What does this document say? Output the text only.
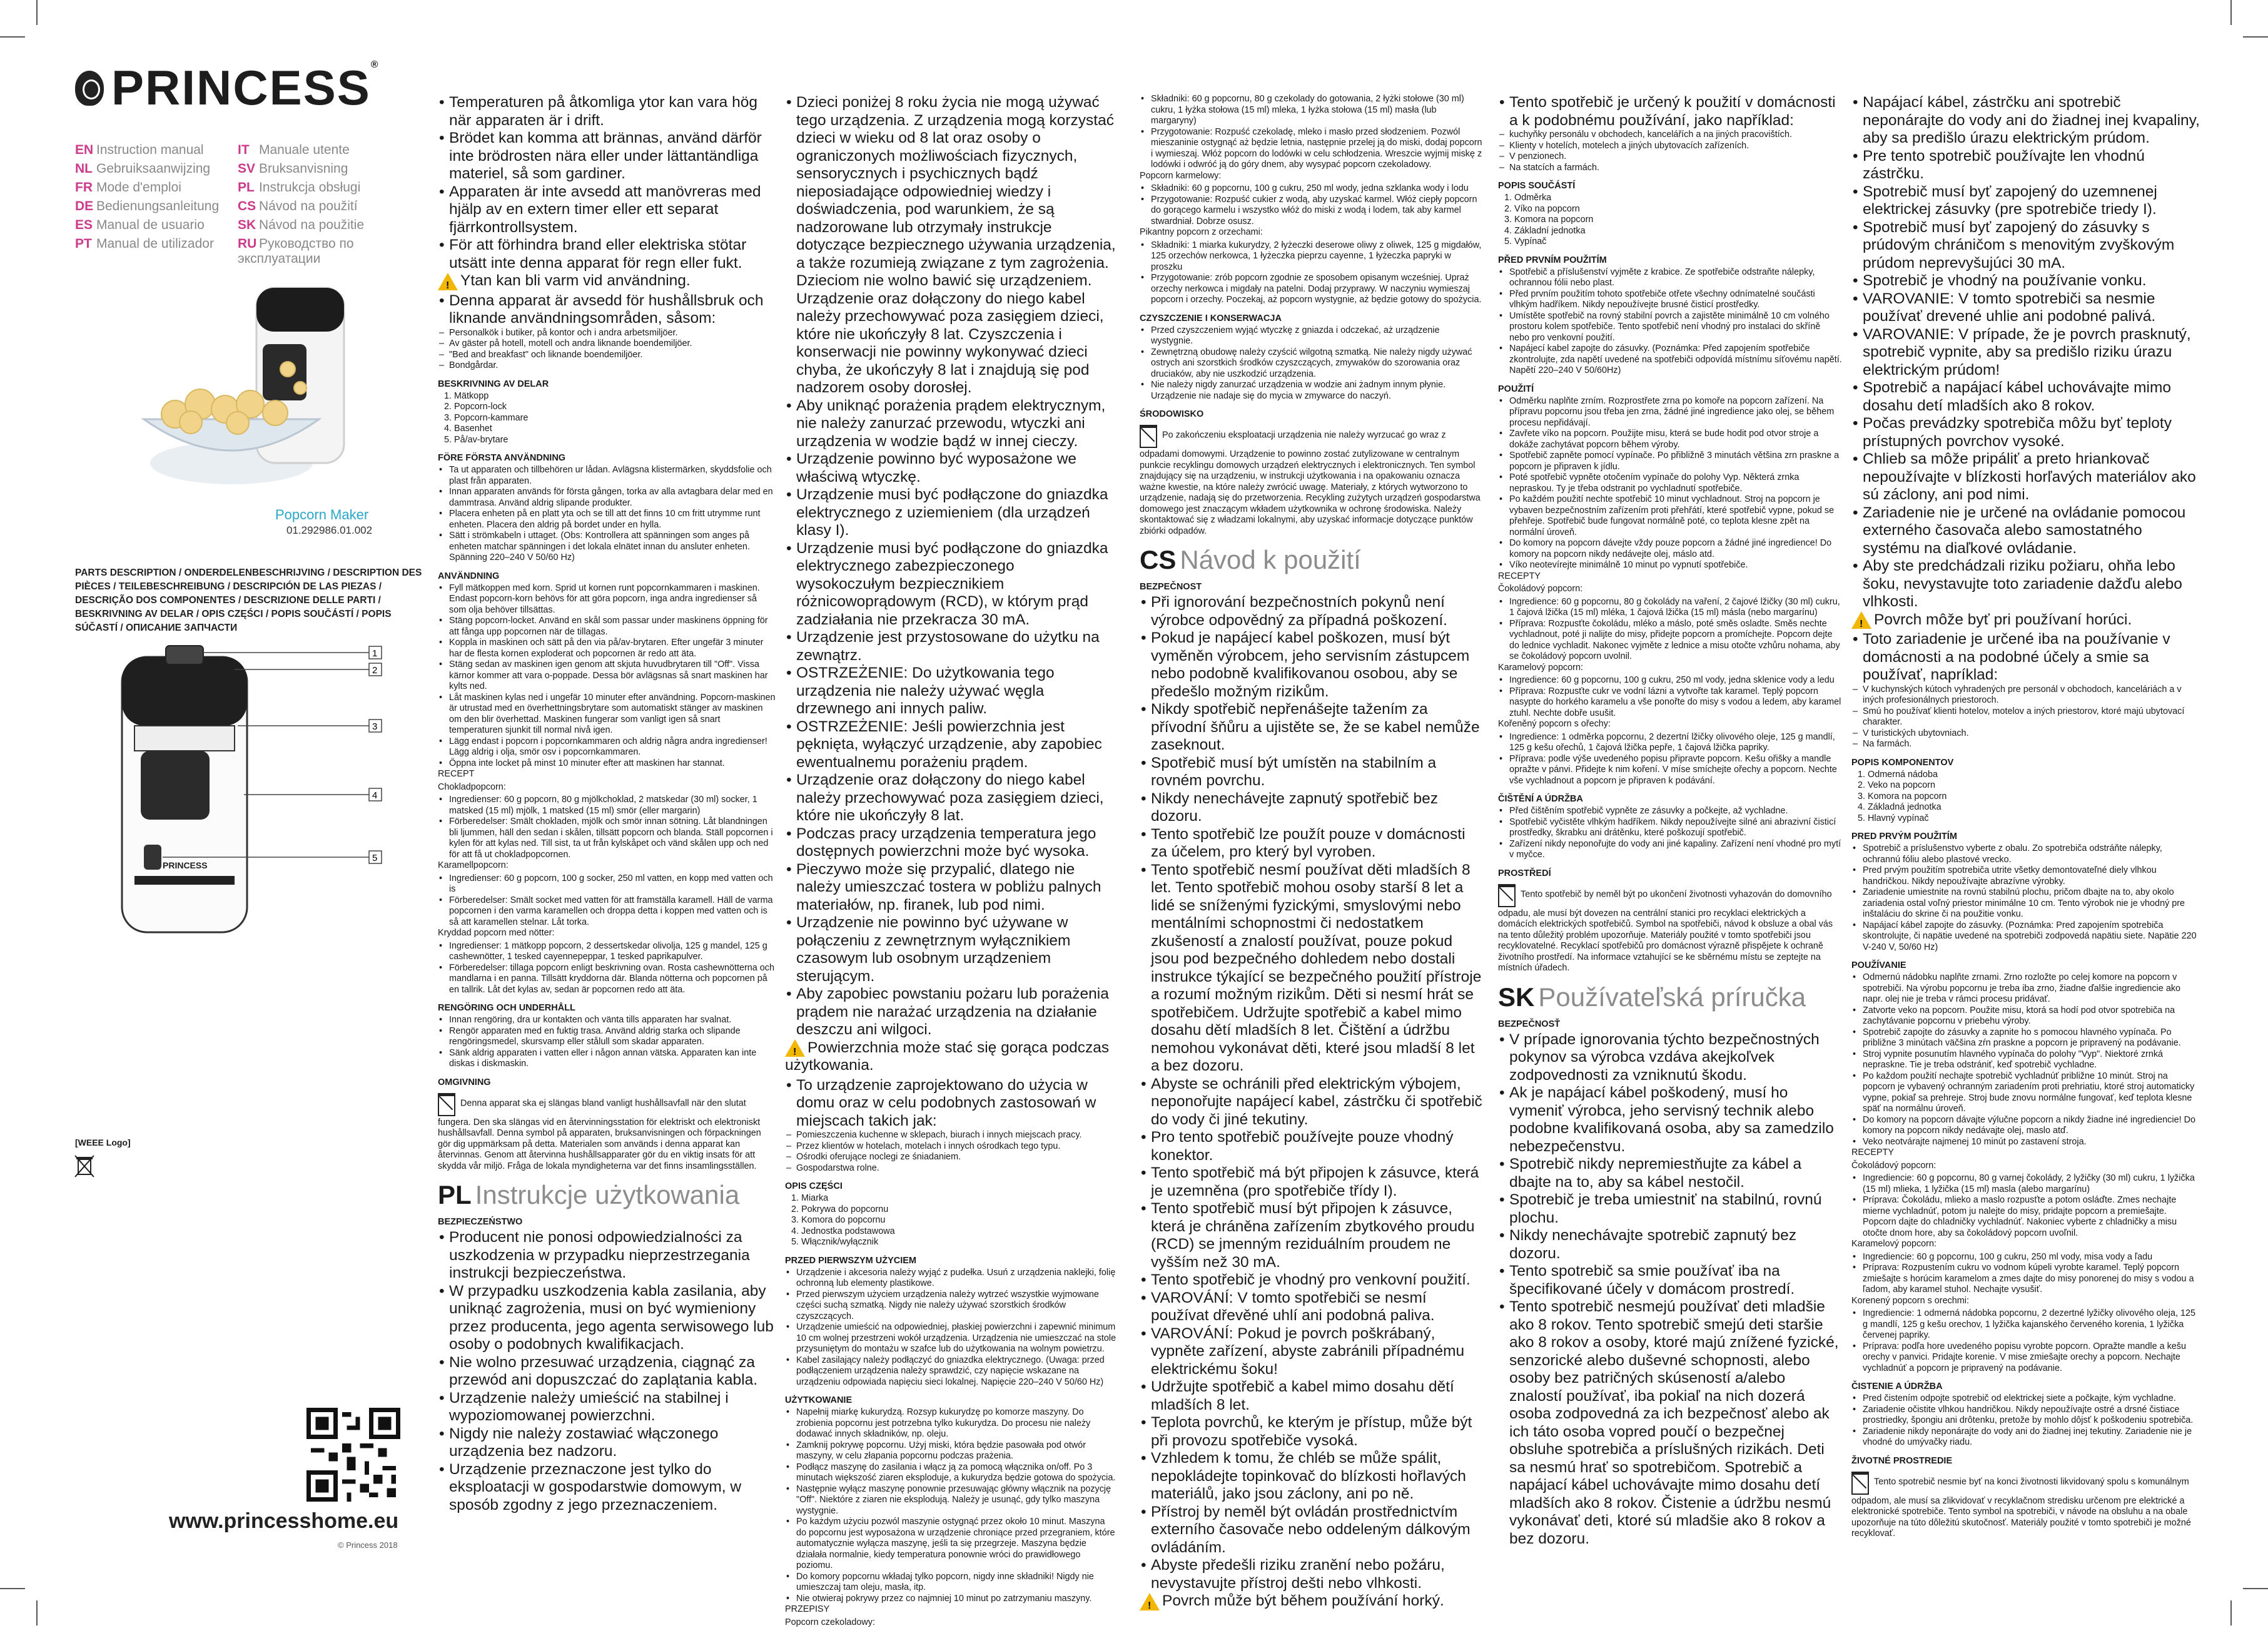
PRINCESS®
EN Instruction manual	IT Manuale utente
NL Gebruiksaanwijzing	SV Bruksanvisning
FR Mode d'emploi	PL Instrukcja obsługi
DE Bedienungsanleitung	CS Návod na použití
ES Manual de usuario	SK Návod na použitie
PT Manual de utilizador	RU Руководство по эксплуатации
Popcorn Maker
01.292986.01.002
PARTS DESCRIPTION / ONDERDELENBESCHRIJVING / DESCRIPTION DES PIÈCES / TEILEBESCHREIBUNG / DESCRIPCIÓN DE LAS PIEZAS / DESCRIÇÃO DOS COMPONENTES / DESCRIZIONE DELLE PARTI / BESKRIVNING AV DELAR / OPIS CZĘŚCI / POPIS SOUČÁSTÍ / POPIS SÚČASTÍ / ОПИСАНИЕ ЗАПЧАСТИ
PRINCESS
1
2
3
4
5
[WEEE Logo]
www.princesshome.eu
© Princess 2018
• Temperaturen på åtkomliga ytor kan vara hög när apparaten är i drift.
• Brödet kan komma att brännas, använd därför inte brödrosten nära eller under lättantändliga materiel, så som gardiner.
• Apparaten är inte avsedd att manövreras med hjälp av en extern timer eller ett separat fjärrkontrollsystem.
• För att förhindra brand eller elektriska stötar utsätt inte denna apparat för regn eller fukt.

!Ytan kan bli varm vid användning.

• Denna apparat är avsedd för hushållsbruk och liknande användningsområden, såsom:
– Personalkök i butiker, på kontor och i andra arbetsmiljöer.
– Av gäster på hotell, motell och andra liknande boendemiljöer.
– "Bed and breakfast" och liknande boendemiljöer.
– Bondgårdar.
BESKRIVNING AV DELAR
1. Mätkopp
2. Popcorn-lock
3. Popcorn-kammare
4. Basenhet
5. På/av-brytare
FÖRE FÖRSTA ANVÄNDNING
• Ta ut apparaten och tillbehören ur lådan. Avlägsna klistermärken, skyddsfolie och plast från apparaten.
• Innan apparaten används för första gången, torka av alla avtagbara delar med en dammtrasa. Använd aldrig slipande produkter.
• Placera enheten på en platt yta och se till att det finns 10 cm fritt utrymme runt enheten. Placera den aldrig på bordet under en hylla.
• Sätt i strömkabeln i uttaget. (Obs: Kontrollera att spänningen som anges på enheten matchar spänningen i det lokala elnätet innan du ansluter enheten. Spänning 220–240 V 50/60 Hz)
ANVÄNDNING
• Fyll mätkoppen med korn. Sprid ut kornen runt popcornkammaren i maskinen. Endast popcorn-korn behövs för att göra popcorn, inga andra ingredienser så som olja behöver tillsättas.
• Stäng popcorn-locket. Använd en skål som passar under maskinens öppning för att fånga upp popcornen när de tillagas.
• Koppla in maskinen och sätt på den via på/av-brytaren. Efter ungefär 3 minuter har de flesta kornen exploderat och popcornen är redo att äta.
• Stäng sedan av maskinen igen genom att skjuta huvudbrytaren till "Off". Vissa kärnor kommer att vara o-poppade. Dessa bör avlägsnas så snart maskinen har kylts ned.
• Låt maskinen kylas ned i ungefär 10 minuter efter användning. Popcorn-maskinen är utrustad med en överhettningsbrytare som automatiskt stänger av maskinen om den blir överhettad. Maskinen fungerar som vanligt igen så snart temperaturen sjunkit till normal nivå igen.
• Lägg endast i popcorn i popcornkammaren och aldrig några andra ingredienser! Lägg aldrig i olja, smör osv i popcornkammaren.
• Öppna inte locket på minst 10 minuter efter att maskinen har stannat.

RECEPT

Chokladpopcorn:

• Ingredienser: 60 g popcorn, 80 g mjölkchoklad, 2 matskedar (30 ml) socker, 1 matsked (15 ml) mjölk, 1 matsked (15 ml) smör (eller margarin)
• Förberedelser: Smält chokladen, mjölk och smör innan sötning. Låt blandningen bli ljummen, häll den sedan i skålen, tillsätt popcorn och blanda. Ställ popcornen i kylen för att kylas ned. Till sist, ta ut från kylskåpet och vänd skålen upp och ned för att få ut chokladpopcornen.

Karamellpopcorn:

• Ingredienser: 60 g popcorn, 100 g socker, 250 ml vatten, en kopp med vatten och is
• Förberedelser: Smält socket med vatten för att framställa karamell. Häll de varma popcornen i den varma karamellen och droppa detta i koppen med vatten och is så att karamellen stelnar. Låt torka.

Kryddad popcorn med nötter:

• Ingredienser: 1 mätkopp popcorn, 2 dessertskedar olivolja, 125 g mandel, 125 g cashewnötter, 1 tesked cayennepeppar, 1 tesked paprikapulver.
• Förberedelser: tillaga popcorn enligt beskrivning ovan. Rosta cashewnötterna och mandlarna i en panna. Tillsätt kryddorna där. Blanda nötterna och popcornen på en tallrik. Låt det kylas av, sedan är popcornen redo att äta.
RENGÖRING OCH UNDERHÅLL
• Innan rengöring, dra ur kontakten och vänta tills apparaten har svalnat.
• Rengör apparaten med en fuktig trasa. Använd aldrig starka och slipande rengöringsmedel, skursvamp eller stålull som skadar apparaten.
• Sänk aldrig apparaten i vatten eller i någon annan vätska. Apparaten kan inte diskas i diskmaskin.
OMGIVNING

Denna apparat ska ej slängas bland vanligt hushållsavfall när den slutat fungera. Den ska slängas vid en återvinningsstation för elektriskt och elektroniskt hushållsavfall. Denna symbol på apparaten, bruksanvisningen och förpackningen gör dig uppmärksam på detta. Materialen som används i denna apparat kan återvinnas. Genom att återvinna hushållsapparater gör du en viktig insats för att skydda vår miljö. Fråga de lokala myndigheterna var det finns insamlingsställen.

PL Instrukcje użytkowania
BEZPIECZEŃSTWO
• Producent nie ponosi odpowiedzialności za uszkodzenia w przypadku nieprzestrzegania instrukcji bezpieczeństwa.
• W przypadku uszkodzenia kabla zasilania, aby uniknąć zagrożenia, musi on być wymieniony przez producenta, jego agenta serwisowego lub osoby o podobnych kwalifikacjach.
• Nie wolno przesuwać urządzenia, ciągnąć za przewód ani dopuszczać do zaplątania kabla.
• Urządzenie należy umieścić na stabilnej i wypoziomowanej powierzchni.
• Nigdy nie należy zostawiać włączonego urządzenia bez nadzoru.
• Urządzenie przeznaczone jest tylko do eksploatacji w gospodarstwie domowym, w sposób zgodny z jego przeznaczeniem.
• Dzieci poniżej 8 roku życia nie mogą używać tego urządzenia. Z urządzenia mogą korzystać dzieci w wieku od 8 lat oraz osoby o ograniczonych możliwościach fizycznych, sensorycznych i psychicznych bądź nieposiadające odpowiedniej wiedzy i doświadczenia, pod warunkiem, że są nadzorowane lub otrzymały instrukcje dotyczące bezpiecznego używania urządzenia, a także rozumieją związane z tym zagrożenia. Dzieciom nie wolno bawić się urządzeniem. Urządzenie oraz dołączony do niego kabel należy przechowywać poza zasięgiem dzieci, które nie ukończyły 8 lat. Czyszczenia i konserwacji nie powinny wykonywać dzieci chyba, że ukończyły 8 lat i znajdują się pod nadzorem osoby dorosłej.
• Aby uniknąć porażenia prądem elektrycznym, nie należy zanurzać przewodu, wtyczki ani urządzenia w wodzie bądź w innej cieczy.
• Urządzenie powinno być wyposażone we właściwą wtyczkę.
• Urządzenie musi być podłączone do gniazdka elektrycznego z uziemieniem (dla urządzeń klasy I).
• Urządzenie musi być podłączone do gniazdka elektrycznego zabezpieczonego wysokoczułym bezpiecznikiem różnicowoprądowym (RCD), w którym prąd zadziałania nie przekracza 30 mA.
• Urządzenie jest przystosowane do użytku na zewnątrz.
• OSTRZEŻENIE: Do użytkowania tego urządzenia nie należy używać węgla drzewnego ani innych paliw.
• OSTRZEŻENIE: Jeśli powierzchnia jest pęknięta, wyłączyć urządzenie, aby zapobiec ewentualnemu porażeniu prądem.
• Urządzenie oraz dołączony do niego kabel należy przechowywać poza zasięgiem dzieci, które nie ukończyły 8 lat.
• Podczas pracy urządzenia temperatura jego dostępnych powierzchni może być wysoka.
• Pieczywo może się przypalić, dlatego nie należy umieszczać tostera w pobliżu palnych materiałów, np. firanek, lub pod nimi.
• Urządzenie nie powinno być używane w połączeniu z zewnętrznym wyłącznikiem czasowym lub osobnym urządzeniem sterującym.
• Aby zapobiec powstaniu pożaru lub porażenia prądem nie narażać urządzenia na działanie deszczu ani wilgoci.

!Powierzchnia może stać się gorąca podczas użytkowania.

• To urządzenie zaprojektowano do użycia w domu oraz w celu podobnych zastosowań w miejscach takich jak:
– Pomieszczenia kuchenne w sklepach, biurach i innych miejscach pracy.
– Przez klientów w hotelach, motelach i innych ośrodkach tego typu.
– Ośrodki oferujące noclegi ze śniadaniem.
– Gospodarstwa rolne.
OPIS CZĘŚCI
1. Miarka
2. Pokrywa do popcornu
3. Komora do popcornu
4. Jednostka podstawowa
5. Włącznik/wyłącznik
PRZED PIERWSZYM UŻYCIEM
• Urządzenie i akcesoria należy wyjąć z pudełka. Usuń z urządzenia naklejki, folię ochronną lub elementy plastikowe.
• Przed pierwszym użyciem urządzenia należy wytrzeć wszystkie wyjmowane części suchą szmatką. Nigdy nie należy używać szorstkich środków czyszczących.
• Urządzenie umieścić na odpowiedniej, płaskiej powierzchni i zapewnić minimum 10 cm wolnej przestrzeni wokół urządzenia. Urządzenia nie umieszczać na stole przysuniętym do montażu w szafce lub do użytkowania na wolnym powietrzu.
• Kabel zasilający należy podłączyć do gniazdka elektrycznego. (Uwaga: przed podłączeniem urządzenia należy sprawdzić, czy napięcie wskazane na urządzeniu odpowiada napięciu sieci lokalnej. Napięcie 220–240 V 50/60 Hz)
UŻYTKOWANIE
• Napełnij miarkę kukurydzą. Rozsyp kukurydzę po komorze maszyny. Do zrobienia popcornu jest potrzebna tylko kukurydza. Do procesu nie należy dodawać innych składników, np. oleju.
• Zamknij pokrywę popcornu. Użyj miski, która będzie pasowała pod otwór maszyny, w celu złapania popcornu podczas prażenia.
• Podłącz maszynę do zasilania i włącz ją za pomocą włącznika on/off. Po 3 minutach większość ziaren eksploduje, a kukurydza będzie gotowa do spożycia.
• Następnie wyłącz maszynę ponownie przesuwając główny włącznik na pozycję "Off". Niektóre z ziaren nie eksplodują. Należy je usunąć, gdy tylko maszyna wystygnie.
• Po każdym użyciu pozwól maszynie ostygnąć przez około 10 minut. Maszyna do popcornu jest wyposażona w urządzenie chroniące przed przegraniem, które automatycznie wyłącza maszynę, jeśli ta się przegrzeje. Maszyna będzie działała normalnie, kiedy temperatura ponownie wróci do prawidłowego poziomu.
• Do komory popcornu wkładaj tylko popcorn, nigdy inne składniki! Nigdy nie umieszczaj tam oleju, masła, itp.
• Nie otwieraj pokrywy przez co najmniej 10 minut po zatrzymaniu maszyny.

PRZEPISY

Popcorn czekoladowy:

• Składniki: 60 g popcornu, 80 g czekolady do gotowania, 2 łyżki stołowe (30 ml) cukru, 1 łyżka stołowa (15 ml) mleka, 1 łyżka stołowa (15 ml) masła (lub margaryny)
• Przygotowanie: Rozpuść czekoladę, mleko i masło przed słodzeniem. Pozwól mieszaninie ostygnąć aż będzie letnia, następnie przelej ją do miski, dodaj popcorn i wymieszaj. Włóż popcorn do lodówki w celu schłodzenia. Wreszcie wyjmij miskę z lodówki i odwróć ją do góry dnem, aby wysypać popcorn czekoladowy.

Popcorn karmelowy:

• Składniki: 60 g popcornu, 100 g cukru, 250 ml wody, jedna szklanka wody i lodu
• Przygotowanie: Rozpuść cukier z wodą, aby uzyskać karmel. Włóż ciepły popcorn do gorącego karmelu i wszystko włóż do miski z wodą i lodem, tak aby karmel stwardniał. Dobrze osusz.

Pikantny popcorn z orzechami:

• Składniki: 1 miarka kukurydzy, 2 łyżeczki deserowe oliwy z oliwek, 125 g migdałów, 125 orzechów nerkowca, 1 łyżeczka pieprzu cayenne, 1 łyżeczka papryki w proszku
• Przygotowanie: zrób popcorn zgodnie ze sposobem opisanym wcześniej. Upraż orzechy nerkowca i migdały na patelni. Dodaj przyprawy. W naczyniu wymieszaj popcorn i orzechy. Poczekaj, aż popcorn wystygnie, aż będzie gotowy do spożycia.
CZYSZCZENIE I KONSERWACJA
• Przed czyszczeniem wyjąć wtyczkę z gniazda i odczekać, aż urządzenie wystygnie.
• Zewnętrzną obudowę należy czyścić wilgotną szmatką. Nie należy nigdy używać ostrych ani szorstkich środków czyszczących, zmywaków do szorowania oraz druciaków, aby nie uszkodzić urządzenia.
• Nie należy nigdy zanurzać urządzenia w wodzie ani żadnym innym płynie. Urządzenie nie nadaje się do mycia w zmywarce do naczyń.
ŚRODOWISKO

Po zakończeniu eksploatacji urządzenia nie należy wyrzucać go wraz z odpadami domowymi. Urządzenie to powinno zostać zutylizowane w centralnym punkcie recyklingu domowych urządzeń elektrycznych i elektronicznych. Ten symbol znajdujący się na urządzeniu, w instrukcji użytkowania i na opakowaniu oznacza ważne kwestie, na które należy zwrócić uwagę. Materiały, z których wytworzono to urządzenie, nadają się do przetworzenia. Recykling zużytych urządzeń gospodarstwa domowego jest znaczącym wkładem użytkownika w ochronę środowiska. Należy skontaktować się z władzami lokalnymi, aby uzyskać informacje dotyczące punktów zbiórki odpadów.

CS Návod k použití
BEZPEČNOST
• Při ignorování bezpečnostních pokynů není výrobce odpovědný za případná poškození.
• Pokud je napájecí kabel poškozen, musí být vyměněn výrobcem, jeho servisním zástupcem nebo podobně kvalifikovanou osobou, aby se předešlo možným rizikům.
• Nikdy spotřebič nepřenášejte tažením za přívodní šňůru a ujistěte se, že se kabel nemůže zaseknout.
• Spotřebič musí být umístěn na stabilním a rovném povrchu.
• Nikdy nenechávejte zapnutý spotřebič bez dozoru.
• Tento spotřebič lze použít pouze v domácnosti za účelem, pro který byl vyroben.
• Tento spotřebič nesmí používat děti mladších 8 let. Tento spotřebič mohou osoby starší 8 let a lidé se sníženými fyzickými, smyslovými nebo mentálními schopnostmi či nedostatkem zkušeností a znalostí používat, pouze pokud jsou pod bezpečného dohledem nebo dostali instrukce týkající se bezpečného použití přístroje a rozumí možným rizikům. Děti si nesmí hrát se spotřebičem. Udržujte spotřebič a kabel mimo dosahu dětí mladších 8 let. Čištění a údržbu nemohou vykonávat děti, které jsou mladší 8 let a bez dozoru.
• Abyste se ochránili před elektrickým výbojem, neponořujte napájecí kabel, zástrčku či spotřebič do vody či jiné tekutiny.
• Pro tento spotřebič používejte pouze vhodný konektor.
• Tento spotřebič má být připojen k zásuvce, která je uzemněna (pro spotřebiče třídy I).
• Tento spotřebič musí být připojen k zásuvce, která je chráněna zařízením zbytkového proudu (RCD) se jmenným reziduálním proudem ne vyšším než 30 mA.
• Tento spotřebič je vhodný pro venkovní použití.
• VAROVÁNÍ: V tomto spotřebiči se nesmí používat dřevěné uhlí ani podobná paliva.
• VAROVÁNÍ: Pokud je povrch poškrábaný, vypněte zařízení, abyste zabránili případnému elektrickému šoku!
• Udržujte spotřebič a kabel mimo dosahu dětí mladších 8 let.
• Teplota povrchů, ke kterým je přístup, může být při provozu spotřebiče vysoká.
• Vzhledem k tomu, že chléb se může spálit, nepokládejte topinkovač do blízkosti hořlavých materiálů, jako jsou záclony, ani po ně.
• Přístroj by neměl být ovládán prostřednictvím externího časovače nebo oddeleným dálkovým ovládáním.
• Abyste předešli riziku zranění nebo požáru, nevystavujte přístroj dešti nebo vlhkosti.

!Povrch může být během používání horký.

• Tento spotřebič je určený k použití v domácnosti a k podobnému používání, jako například:
– kuchyňky personálu v obchodech, kancelářích a na jiných pracovištích.
– Klienty v hotelích, motelech a jiných ubytovacích zařízeních.
– V penzionech.
– Na statcích a farmách.
POPIS SOUČÁSTÍ
1. Odměrka
2. Víko na popcorn
3. Komora na popcorn
4. Základní jednotka
5. Vypínač
PŘED PRVNÍM POUŽITÍM
• Spotřebič a příslušenství vyjměte z krabice. Ze spotřebiče odstraňte nálepky, ochrannou fólii nebo plast.
• Před prvním použitím tohoto spotřebiče otřete všechny odnímatelné součásti vlhkým hadříkem. Nikdy nepoužívejte brusné čisticí prostředky.
• Umístěte spotřebič na rovný stabilní povrch a zajistěte minimálně 10 cm volného prostoru kolem spotřebiče. Tento spotřebič není vhodný pro instalaci do skříně nebo pro venkovní použití.
• Napájecí kabel zapojte do zásuvky. (Poznámka: Před zapojením spotřebiče zkontrolujte, zda napětí uvedené na spotřebiči odpovídá místnímu síťovému napětí. Napětí 220–240 V 50/60Hz)
POUŽITÍ
• Odměrku naplňte zrním. Rozprostřete zrna po komoře na popcorn zařízení. Na přípravu popcornu jsou třeba jen zrna, žádné jiné ingredience jako olej, se během procesu nepřidávají.
• Zavřete víko na popcorn. Použijte misu, která se bude hodit pod otvor stroje a dokáže zachytávat popcorn během výroby.
• Spotřebič zapněte pomocí vypínače. Po přibližně 3 minutách většina zrn praskne a popcorn je připraven k jídlu.
• Poté spotřebič vypněte otočením vypínače do polohy Vyp. Některá zrnka nepraskou. Ty je třeba odstranit po vychladnutí spotřebiče.
• Po každém použití nechte spotřebič 10 minut vychladnout. Stroj na popcorn je vybaven bezpečnostním zařízením proti přehřátí, které spotřebič vypne, pokud se přehřeje. Spotřebič bude fungovat normálně poté, co teplota klesne zpět na normální úroveň.
• Do komory na popcorn dávejte vždy pouze popcorn a žádné jiné ingredience! Do komory na popcorn nikdy nedávejte olej, máslo atd.
• Víko neotevírejte minimálně 10 minut po vypnutí spotřebiče.

RECEPTY

Čokoládový popcorn:

• Ingredience: 60 g popcornu, 80 g čokolády na vaření, 2 čajové lžičky (30 ml) cukru, 1 čajová lžička (15 ml) mléka, 1 čajová lžička (15 ml) másla (nebo margarínu)
• Příprava: Rozpusťte čokoládu, mléko a máslo, poté směs osladte. Směs nechte vychladnout, poté ji nalijte do misy, přidejte popcorn a promíchejte. Popcorn dejte do lednice vychladit. Nakonec vyjměte z lednice a misu otočte vzhůru nohama, aby se čokoládový popcorn uvolnil.

Karamelový popcorn:

• Ingredience: 60 g popcornu, 100 g cukru, 250 ml vody, jedna sklenice vody a ledu
• Příprava: Rozpusťte cukr ve vodní lázni a vytvořte tak karamel. Teplý popcorn nasypte do horkého karamelu a vše ponořte do misy s vodou a ledem, aby karamel ztuhl. Nechte dobře usušit.

Kořeněný popcorn s ořechy:

• Ingredience: 1 odměrka popcornu, 2 dezertní lžičky olivového oleje, 125 g mandlí, 125 g kešu ořechů, 1 čajová lžička pepře, 1 čajová lžička papriky.
• Příprava: podle výše uvedeného popisu připravte popcorn. Kešu ořišky a mandle opražte v pánvi. Přidejte k nim koření. V míse smíchejte ořechy a popcorn. Nechte vše vychladnout a popcorn je připraven k podávání.
ČIŠTĚNÍ A ÚDRŽBA
• Před čištěním spotřebič vypněte ze zásuvky a počkejte, až vychladne.
• Spotřebič vyčistěte vlhkým hadříkem. Nikdy nepoužívejte silné ani abrazivní čisticí prostředky, škrabku ani drátěnku, které poškozují spotřebič.
• Zařízení nikdy neponořujte do vody ani jiné kapaliny. Zařízení není vhodné pro mytí v myčce.
PROSTŘEDÍ

Tento spotřebič by neměl být po ukončení životnosti vyhazován do domovního odpadu, ale musí být dovezen na centrální stanici pro recyklaci elektrických a domácích elektrických spotřebičů. Symbol na spotřebiči, návod k obsluze a obal vás na tento důležitý problém upozorňuje. Materiály použité v tomto spotřebiči jsou recyklovatelné. Recyklací spotřebičů pro domácnost výrazně přispějete k ochraně životního prostředí. Na informace vztahující se ke sběrnému místu se zeptejte na místních úřadech.

SK Používateľská príručka
BEZPEČNOSŤ
• V prípade ignorovania týchto bezpečnostných pokynov sa výrobca vzdáva akejkoľvek zodpovednosti za vzniknutú škodu.
• Ak je napájací kábel poškodený, musí ho vymeniť výrobca, jeho servisný technik alebo podobne kvalifikovaná osoba, aby sa zamedzilo nebezpečenstvu.
• Spotrebič nikdy nepremiestňujte za kábel a dbajte na to, aby sa kábel nestočil.
• Spotrebič je treba umiestniť na stabilnú, rovnú plochu.
• Nikdy nenechávajte spotrebič zapnutý bez dozoru.
• Tento spotrebič sa smie používať iba na špecifikované účely v domácom prostredí.
• Tento spotrebič nesmejú používať deti mladšie ako 8 rokov. Tento spotrebič smejú deti staršie ako 8 rokov a osoby, ktoré majú znížené fyzické, senzorické alebo duševné schopnosti, alebo osoby bez patričných skúseností a/alebo znalostí používať, iba pokiaľ na nich dozerá osoba zodpovedná za ich bezpečnosť alebo ak ich táto osoba vopred poučí o bezpečnej obsluhe spotrebiča a príslušných rizikách. Deti sa nesmú hrať so spotrebičom. Spotrebič a napájací kábel uchovávajte mimo dosahu detí mladších ako 8 rokov. Čistenie a údržbu nesmú vykonávať deti, ktoré sú mladšie ako 8 rokov a bez dozoru.
• Napájací kábel, zástrčku ani spotrebič neponárajte do vody ani do žiadnej inej kvapaliny, aby sa predišlo úrazu elektrickým prúdom.
• Pre tento spotrebič používajte len vhodnú zástrčku.
• Spotrebič musí byť zapojený do uzemnenej elektrickej zásuvky (pre spotrebiče triedy I).
• Spotrebič musí byť zapojený do zásuvky s prúdovým chráničom s menovitým zvyškovým prúdom neprevyšujúci 30 mA.
• Spotrebič je vhodný na používanie vonku.
• VAROVANIE: V tomto spotrebiči sa nesmie používať drevené uhlie ani podobné palivá.
• VAROVANIE: V prípade, že je povrch prasknutý, spotrebič vypnite, aby sa predišlo riziku úrazu elektrickým prúdom!
• Spotrebič a napájací kábel uchovávajte mimo dosahu detí mladších ako 8 rokov.
• Počas prevádzky spotrebiča môžu byť teploty prístupných povrchov vysoké.
• Chlieb sa môže pripáliť a preto hriankovač nepoužívajte v blízkosti horľavých materiálov ako sú záclony, ani pod nimi.
• Zariadenie nie je určené na ovládanie pomocou externého časovača alebo samostatného systému na diaľkové ovládanie.
• Aby ste predchádzali riziku požiaru, ohňa lebo šoku, nevystavujte toto zariadenie dažďu alebo vlhkosti.

!Povrch môže byť pri používaní horúci.

• Toto zariadenie je určené iba na používanie v domácnosti a na podobné účely a smie sa používať, napríklad:
– V kuchynských kútoch vyhradených pre personál v obchodoch, kanceláriách a v iných profesionálnych priestoroch.
– Smú ho používať klienti hotelov, motelov a iných priestorov, ktoré majú ubytovací charakter.
– V turistických ubytovniach.
– Na farmách.
POPIS KOMPONENTOV
1. Odmerná nádoba
2. Veko na popcorn
3. Komora na popcorn
4. Základná jednotka
5. Hlavný vypínač
PRED PRVÝM POUŽITÍM
• Spotrebič a príslušenstvo vyberte z obalu. Zo spotrebiča odstráňte nálepky, ochrannú fóliu alebo plastové vrecko.
• Pred prvým použitím spotrebiča utrite všetky demontovateľné diely vlhkou handričkou. Nikdy nepoužívajte abrazívne výrobky.
• Zariadenie umiestnite na rovnú stabilnú plochu, pričom dbajte na to, aby okolo zariadenia ostal voľný priestor minimálne 10 cm. Tento výrobok nie je vhodný pre inštaláciu do skrine či na použitie vonku.
• Napájací kábel zapojte do zásuvky. (Poznámka: Pred zapojením spotrebiča skontrolujte, či napätie uvedené na spotrebiči zodpovedá napätiu siete. Napätie 220 V-240 V, 50/60 Hz)
POUŽÍVANIE
• Odmernú nádobku naplňte zrnami. Zrno rozložte po celej komore na popcorn v spotrebiči. Na výrobu popcornu je treba iba zrno, žiadne ďalšie ingrediencie ako napr. olej nie je treba v rámci procesu pridávať.
• Zatvorte veko na popcorn. Použite misu, ktorá sa hodí pod otvor spotrebiča na zachytávanie popcornu v priebehu výroby.
• Spotrebič zapojte do zásuvky a zapnite ho s pomocou hlavného vypínača. Po približne 3 minútach väčšina zŕn praskne a popcorn je pripravený na podávanie.
• Stroj vypnite posunutím hlavného vypínača do polohy "Vyp". Niektoré zrnká nepraskne. Tie je treba odstrániť, keď spotrebič vychladne.
• Po každom použití nechajte spotrebič vychladnúť približne 10 minút. Stroj na popcorn je vybavený ochranným zariadením proti prehriatiu, ktoré stroj automaticky vypne, pokiaľ sa prehreje. Stroj bude znovu normálne fungovať, keď teplota klesne späť na normálnu úroveň.
• Do komory na popcorn dávajte výlučne popcorn a nikdy žiadne iné ingrediencie! Do komory na popcorn nikdy nedávajte olej, maslo atď.
• Veko neotvárajte najmenej 10 minút po zastavení stroja.

RECEPTY

Čokoládový popcorn:

• Ingrediencie: 60 g popcornu, 80 g varnej čokolády, 2 lyžičky (30 ml) cukru, 1 lyžička (15 ml) mlieka, 1 lyžička (15 ml) masla (alebo margarínu)
• Príprava: Čokoládu, mlieko a maslo rozpusťte a potom osláďte. Zmes nechajte mierne vychladnúť, potom ju nalejte do misy, pridajte popcorn a premiešajte. Popcorn dajte do chladničky vychladnúť. Nakoniec vyberte z chladničky a misu otočte dnom hore, aby sa čokoládový popcorn uvoľnil.

Karamelový popcorn:

• Ingrediencie: 60 g popcornu, 100 g cukru, 250 ml vody, misa vody a ľadu
• Príprava: Rozpustením cukru vo vodnom kúpeli vyrobte karamel. Teplý popcorn zmiešajte s horúcim karamelom a zmes dajte do misy ponorenej do misy s vodou a ľadom, aby karamel stuhol. Nechajte vysušiť.

Korenený popcorn s orechmi:

• Ingrediencie: 1 odmerná nádobka popcornu, 2 dezertné lyžičky olivového oleja, 125 g mandlí, 125 g kešu orechov, 1 lyžička kajanského červeného korenia, 1 lyžička červenej papriky.
• Príprava: podľa hore uvedeného popisu vyrobte popcorn. Opražte mandle a kešu orechy v panvici. Pridajte korenie. V mise zmiešajte orechy a popcorn. Nechajte vychladnúť a popcorn je pripravený na podávanie.
ČISTENIE A ÚDRŽBA
• Pred čistením odpojte spotrebič od elektrickej siete a počkajte, kým vychladne.
• Zariadenie očistite vlhkou handričkou. Nikdy nepoužívajte ostré a drsné čistiace prostriedky, špongiu ani drôtenku, pretože by mohlo dôjsť k poškodeniu spotrebiča.
• Zariadenie nikdy neponárajte do vody ani do žiadnej inej tekutiny. Zariadenie nie je vhodné do umývačky riadu.
ŽIVOTNÉ PROSTREDIE

Tento spotrebič nesmie byť na konci životnosti likvidovaný spolu s komunálnym odpadom, ale musí sa zlikvidovať v recyklačnom stredisku určenom pre elektrické a elektronické spotrebiče. Tento symbol na spotrebiči, v návode na obsluhu a na obale upozorňuje na túto dôležitú skutočnosť. Materiály použité v tomto spotrebiči je možné recyklovať.
